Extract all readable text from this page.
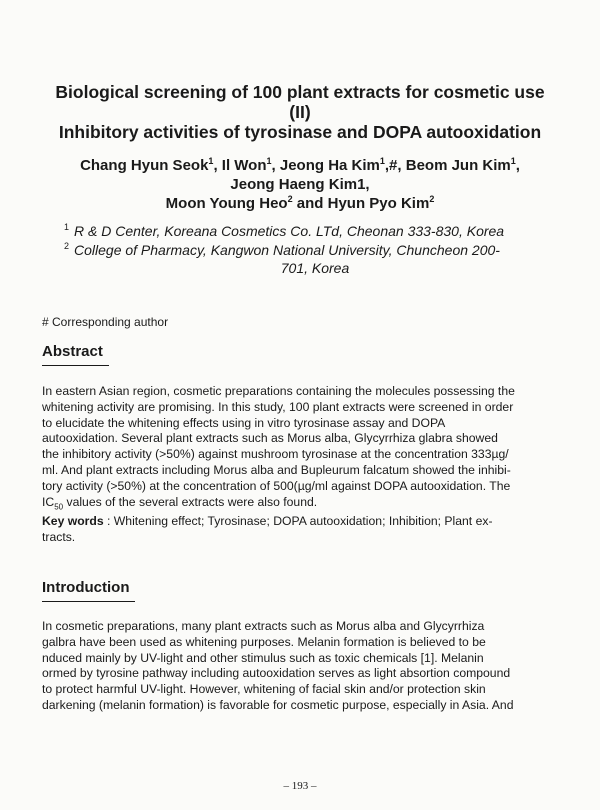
Biological screening of 100 plant extracts for cosmetic use
(II)
Inhibitory activities of tyrosinase and DOPA autooxidation
Chang Hyun Seok$^1$, Il Won$^1$, Jeong Ha Kim$^1$,#, Beom Jun Kim$^1$,
Jeong Haeng Kim1,
Moon Young Heo$^2$ and Hyun Pyo Kim$^2$
1 R & D Center, Koreana Cosmetics Co. LTd, Cheonan 333-830, Korea
2 College of Pharmacy, Kangwon National University, Chuncheon 200-
701, Korea
# Corresponding author
Abstract
In eastern Asian region, cosmetic preparations containing the molecules possessing the
whitening activity are promising. In this study, 100 plant extracts were screened in order
to elucidate the whitening effects using in vitro tyrosinase assay and DOPA
autooxidation. Several plant extracts such as Morus alba, Glycyrrhiza glabra showed
the inhibitory activity (>50%) against mushroom tyrosinase at the concentration 333µg/
ml. And plant extracts including Morus alba and Bupleurum falcatum showed the inhibi-
tory activity (>50%) at the concentration of 500(µg/ml against DOPA autooxidation. The
$IC_{50}$ values of the several extracts were also found.
Key words : Whitening effect; Tyrosinase; DOPA autooxidation; Inhibition; Plant ex-
tracts.
Introduction
In cosmetic preparations, many plant extracts such as Morus alba and Glycyrrhiza
galbra have been used as whitening purposes. Melanin formation is believed to be
nduced mainly by UV-light and other stimulus such as toxic chemicals [1]. Melanin
ormed by tyrosine pathway including autooxidation serves as light absortion compound
to protect harmful UV-light. However, whitening of facial skin and/or protection skin
darkening (melanin formation) is favorable for cosmetic purpose, especially in Asia. And
– 193 –
